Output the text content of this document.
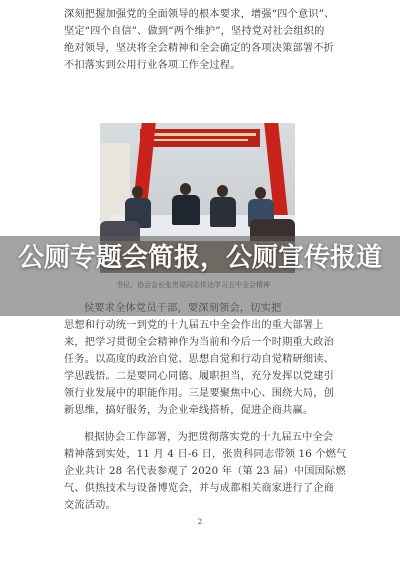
深刻把握加强党的全面领导的根本要求，增强“四个意识”、
坚定“四个自信”、做到“两个维护”，坚持党对社会组织的
绝对领导，坚决将全会精神和全会确定的各项决策部署不折
不扣落实到公用行业各项工作全过程。
思想和行动统一到党的十九届五中全会作出的重大部署上
来，把学习贯彻全会精神作为当前和今后一个时期重大政治
任务。以高度的政治自觉、思想自觉和行动自觉精研细读、
学思践悟。二是要同心同德、履职担当，充分发挥以党建引
领行业发展中的职能作用。三是要聚焦中心、围绕大局，创
新思维，搞好服务，为企业牵线搭桥，促进企商共赢。
根据协会工作部署，为把贯彻落实党的十九届五中全会
精神落到实处，11 月 4 日-6 日，张贵科同志带领 16 个燃气
企业共计 28 名代表参观了 2020 年（第 23 届）中国国际燃
气、供热技术与设备博览会，并与成都相关商家进行了企商
交流活动。
公厕专题会简报，公厕宣传报道
2
